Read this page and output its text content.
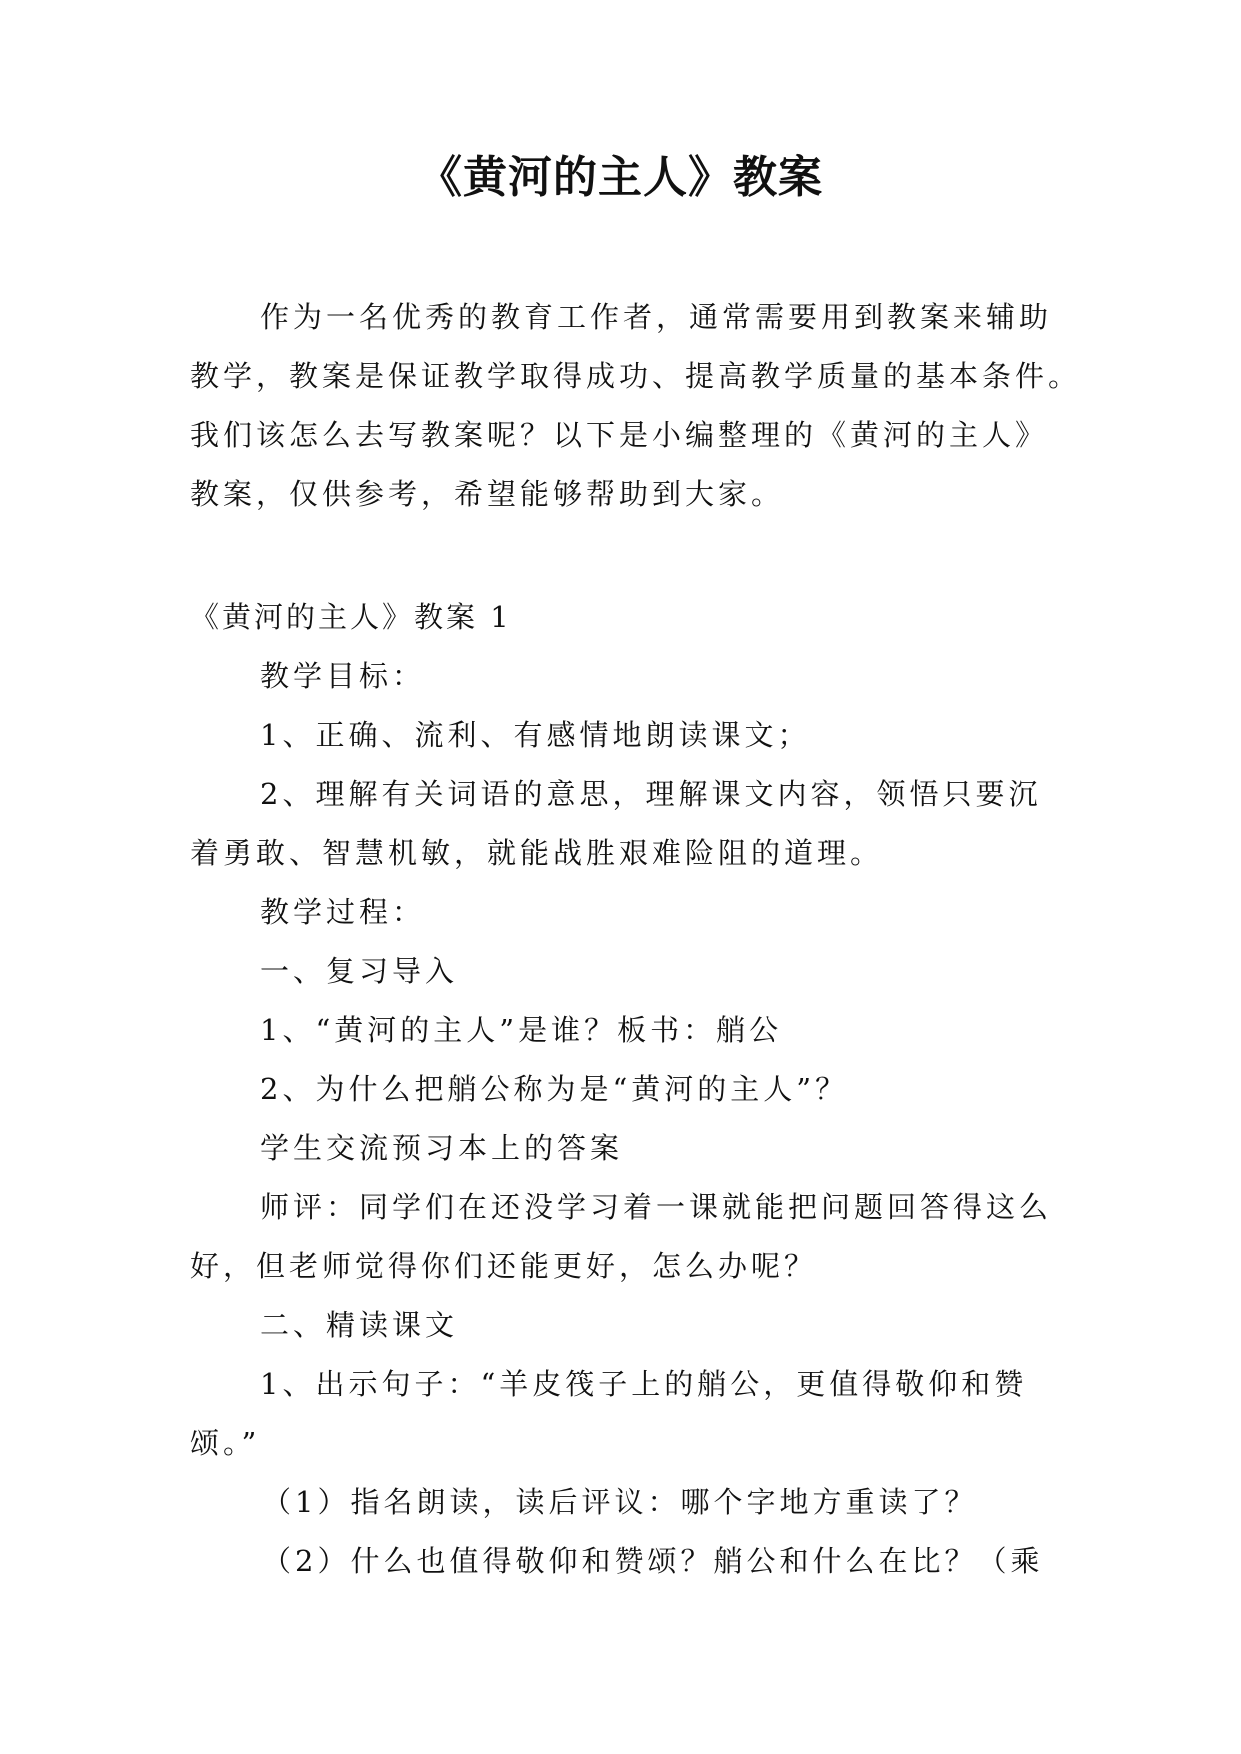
《黄河的主人》教案

作为一名优秀的教育工作者，通常需要用到教案来辅助
教学，教案是保证教学取得成功、提高教学质量的基本条件。
我们该怎么去写教案呢？以下是小编整理的《黄河的主人》
教案，仅供参考，希望能够帮助到大家。

《黄河的主人》教案 1

教学目标：

1、正确、流利、有感情地朗读课文；

2、理解有关词语的意思，理解课文内容，领悟只要沉
着勇敢、智慧机敏，就能战胜艰难险阻的道理。

教学过程：

一、复习导入

1、“黄河的主人”是谁？板书：艄公

2、为什么把艄公称为是“黄河的主人”？

学生交流预习本上的答案

师评：同学们在还没学习着一课就能把问题回答得这么
好，但老师觉得你们还能更好，怎么办呢？

二、精读课文

1、出示句子：“羊皮筏子上的艄公，更值得敬仰和赞
颂。”

（1）指名朗读，读后评议：哪个字地方重读了？

（2）什么也值得敬仰和赞颂？艄公和什么在比？（乘
